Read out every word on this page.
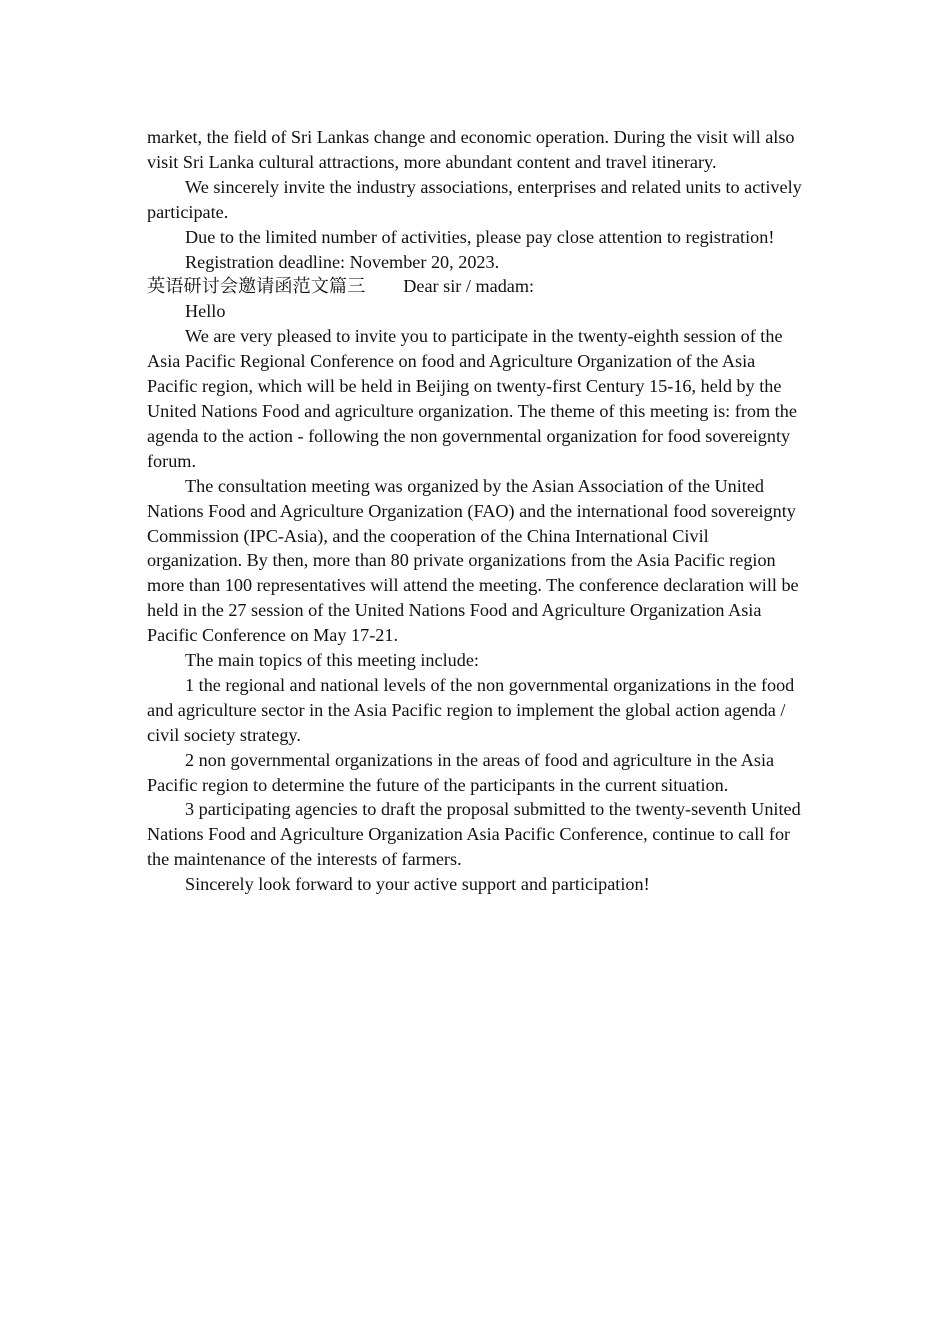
market, the field of Sri Lankas change and economic operation. During the visit will also visit Sri Lanka cultural attractions, more abundant content and travel itinerary.

We sincerely invite the industry associations, enterprises and related units to actively participate.

Due to the limited number of activities, please pay close attention to registration!

Registration deadline: November 20, 2023.

英语研讨会邀请函范文篇三 Dear sir / madam:

Hello

We are very pleased to invite you to participate in the twenty-eighth session of the Asia Pacific Regional Conference on food and Agriculture Organization of the Asia Pacific region, which will be held in Beijing on twenty-first Century 15-16, held by the United Nations Food and agriculture organization. The theme of this meeting is: from the agenda to the action - following the non governmental organization for food sovereignty forum.

The consultation meeting was organized by the Asian Association of the United Nations Food and Agriculture Organization (FAO) and the international food sovereignty Commission (IPC-Asia), and the cooperation of the China International Civil organization. By then, more than 80 private organizations from the Asia Pacific region more than 100 representatives will attend the meeting. The conference declaration will be held in the 27 session of the United Nations Food and Agriculture Organization Asia Pacific Conference on May 17-21.

The main topics of this meeting include:

1 the regional and national levels of the non governmental organizations in the food and agriculture sector in the Asia Pacific region to implement the global action agenda / civil society strategy.

2 non governmental organizations in the areas of food and agriculture in the Asia Pacific region to determine the future of the participants in the current situation.

3 participating agencies to draft the proposal submitted to the twenty-seventh United Nations Food and Agriculture Organization Asia Pacific Conference, continue to call for the maintenance of the interests of farmers.

Sincerely look forward to your active support and participation!
